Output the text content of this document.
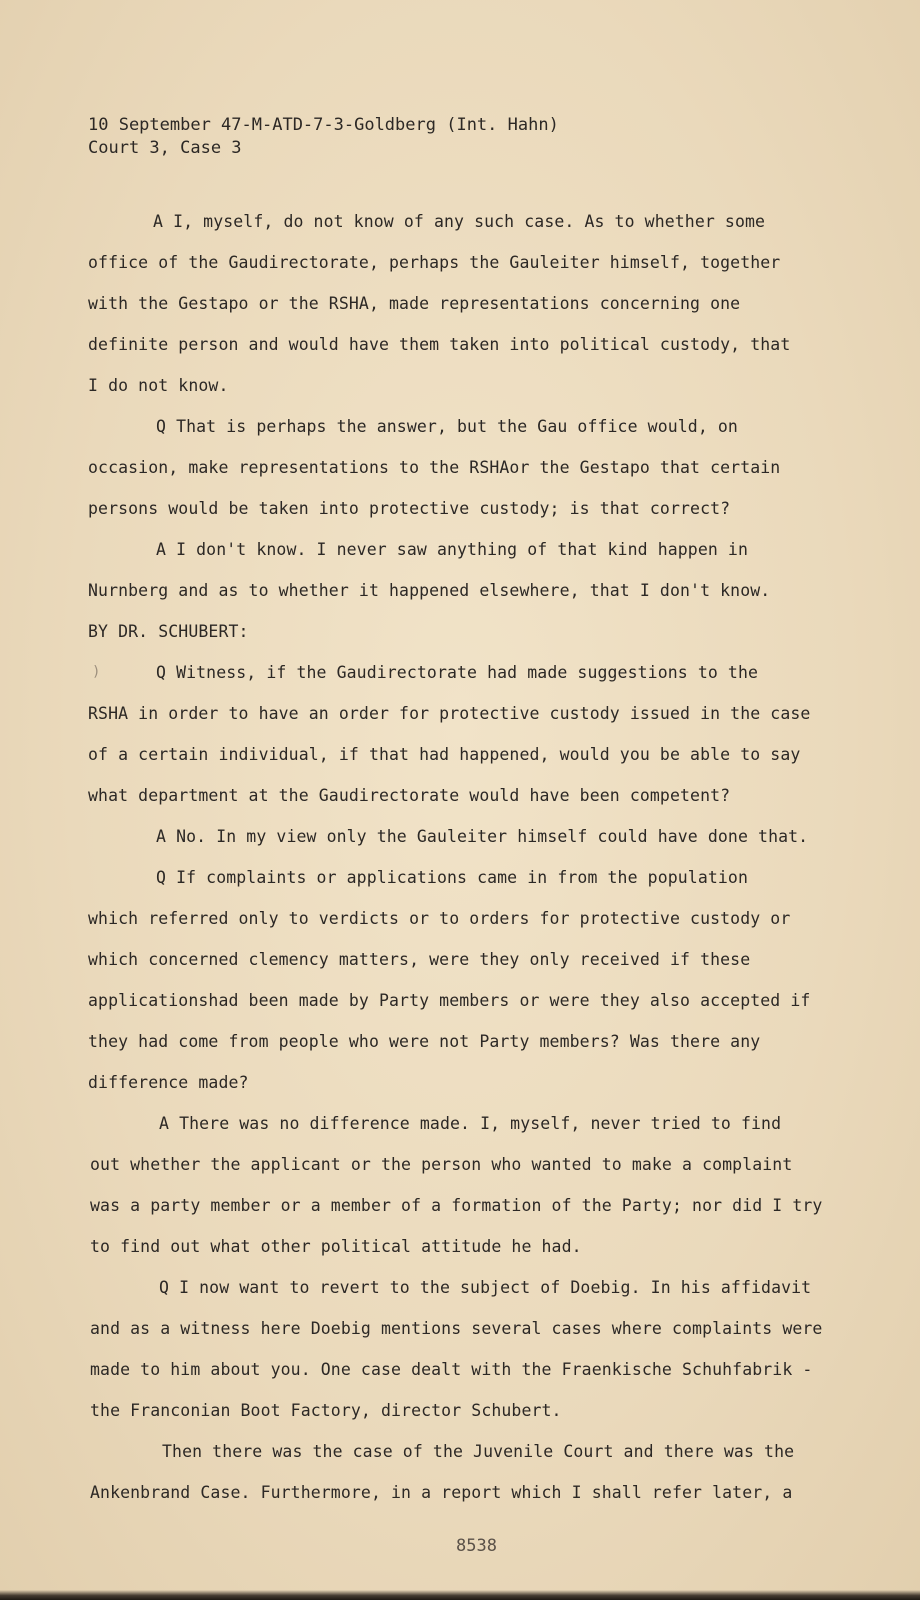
10 September 47-M-ATD-7-3-Goldberg (Int. Hahn)
Court 3, Case 3
A I, myself, do not know of any such case. As to whether some
office of the Gaudirectorate, perhaps the Gauleiter himself, together
with the Gestapo or the RSHA, made representations concerning one
definite person and would have them taken into political custody, that
I do not know.
Q That is perhaps the answer, but the Gau office would, on
occasion, make representations to the RSHAor the Gestapo that certain
persons would be taken into protective custody; is that correct?
A I don't know. I never saw anything of that kind happen in
Nurnberg and as to whether it happened elsewhere, that I don't know.
BY DR. SCHUBERT:
)	Q Witness, if the Gaudirectorate had made suggestions to the
RSHA in order to have an order for protective custody issued in the case
of a certain individual, if that had happened, would you be able to say
what department at the Gaudirectorate would have been competent?
A No. In my view only the Gauleiter himself could have done that.
Q If complaints or applications came in from the population
which referred only to verdicts or to orders for protective custody or
which concerned clemency matters, were they only received if these
applicationshad been made by Party members or were they also accepted if
they had come from people who were not Party members? Was there any
difference made?
A There was no difference made. I, myself, never tried to find
out whether the applicant or the person who wanted to make a complaint
was a party member or a member of a formation of the Party; nor did I try
to find out what other political attitude he had.
Q I now want to revert to the subject of Doebig. In his affidavit
and as a witness here Doebig mentions several cases where complaints were
made to him about you. One case dealt with the Fraenkische Schuhfabrik -
the Franconian Boot Factory, director Schubert.
Then there was the case of the Juvenile Court and there was the
Ankenbrand Case. Furthermore, in a report which I shall refer later, a
8538
